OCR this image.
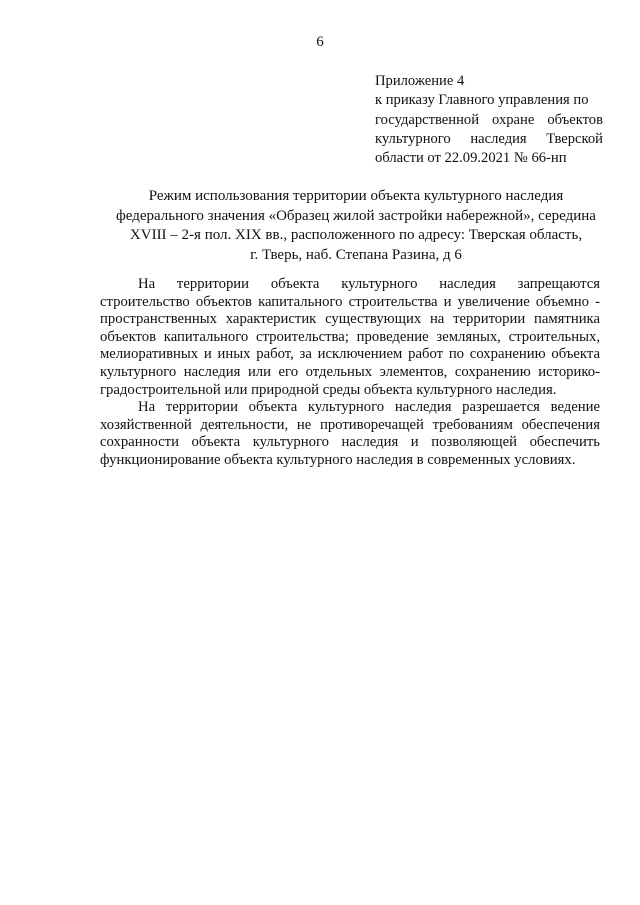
6
Приложение 4
к приказу Главного управления по
государственной охране объектов
культурного наследия Тверской
области от 22.09.2021 № 66-нп
Режим использования территории объекта культурного наследия
федерального значения «Образец жилой застройки набережной», середина
XVIII – 2-я пол. XIX вв., расположенного по адресу: Тверская область,
г. Тверь, наб. Степана Разина, д 6
На территории объекта культурного наследия запрещаются
строительство объектов капитального строительства и увеличение объемно -
пространственных характеристик существующих на территории памятника
объектов капитального строительства; проведение земляных, строительных,
мелиоративных и иных работ, за исключением работ по сохранению объекта
культурного наследия или его отдельных элементов, сохранению историко-
градостроительной или природной среды объекта культурного наследия.
На территории объекта культурного наследия разрешается ведение
хозяйственной деятельности, не противоречащей требованиям обеспечения
сохранности объекта культурного наследия и позволяющей обеспечить
функционирование объекта культурного наследия в современных условиях.
